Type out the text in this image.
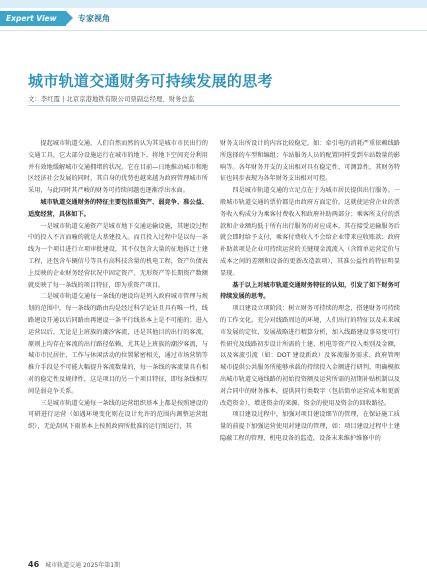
Expert View	专家视角
城市轨道交通财务可持续发展的思考
文：李红霞 | 北京京港地铁有限公司票副总经理、财务总监

提起城市轨道交通，人们自然而然的认为其是城市市民出行的交通工具，它大部分设施运行在城市的地下，将地下空间充分利用并有效地缓解城市交通拥堵的状况。它在目前—日地推动城市和地区经济社会发展的同时，其自身的优势也越来越为政府管理城市所采用，与此同时其严峻的财务可持续问题也逐渐浮出水面。

城市轨道交通财务的特征主要包括重资产、弱竞争、准公益、适度经营，具体如下。

一是城市轨道交通资产是城市地下交通运输设施，其建设过程中的投入不言而喻的就是大基建投入。而且投入过程中是以每一条线为一个项目进行立项审批建设，其不仅包含大量的征地拆迁土建工程，还包含车辆信号等具有高科技含量的机电工程，资产负债表上反映的企业财务经营状况中固定资产、无形资产等长期资产数额就反映了每一条线的项目特征，即为重资产项目。

二是城市轨道交通每一条线的建设均是列入政府城市管理与规划的范围中，每一条线的路由均是经过科学论证且具有唯一性，线路建设开通以后同路由再建设一条平行线基本上是不可能的；进入运营以后，无论是上班族的潮汐客流，还是其他目的出行的客流，原则上均存在客流的出行路径依赖，尤其是上班族的潮汐客流，与城市市民居住、工作与休闲活动的位置紧密相关，通过市场营销等推介手段是不可能大幅提升客流数量的，每一条线的客流量具有相对的稳定性及规律性，这是项目的另一个项目特征，即每条线相互间是弱竞争关系。

三是城市轨道交通每一条线的运营组织基本上都是按照建设的可研进行运营（如遇环境变化则在设计允许的范围内调整运营组织），无论刮风下雨基本上按照政府所批准的运行图运行，其

财务支出所设计的内容比较稳定，如：牵引电的消耗严重依赖线路所选择的车型和编组；车站服务人员的配置同样受到车站数量的影响等。各年财务开支的支出相对具有稳定性、可测算性，其财务特征也同步表现为各年财务支出相对可控。

四是城市轨道交通的立足点在于为城市居民提供出行服务。一般城市轨道交通的票价都是由政府方面定价，这就使运营企业的票务收入构成分为乘客付费收入和政府补助两部分；乘客所支付的票款和企业额均低于所有出行服务的对应成本，其在接受运输服务后就会即时给予支付，乘客付费收入不会给企业带来应收账款；政府补助款项是企业可持续运营的关键现金流流入（含简单运营定价与成本之间的差额和设备的更新改造款项），其准公益性的特征明显显现。

基于以上对城市轨道交通财务特征的认知，引发了如下财务可持续发展的思考。

项目建设立项阶段：树立财务可持续的理念，搭建财务可持续的工作文化。充分对线路周边的环境，人们出行的特征以及未来城市发展的定位、发展战略进行精算分析，加入线路建设事易度可行性研究及线路初步设计所需的土建、机电等资产投入类别及金额，以及客流引流（如：DOT 建设新政）及客流服务需求、政府管理城市提供公共服务所能够承载的持续投入金额进行研判，明确模拟出城市轨道交通线路的初始投资额及运营所需的初期补贴机制以及对合同中的财务推本，提供同行类数字（包括简单运营成本和更新改造资金），增进资金的来源、资金的使用及资金的回收路径。

项目建设过程中，加强对项目建设细节的管理，在保证施工质量的前提下加强运营使用对建设的管理，如：项目建设过程中土建隐蔽工程的管理，机电设备的监造，设备未来维护维修中的

46 城市轨道交通 2025年第1期
